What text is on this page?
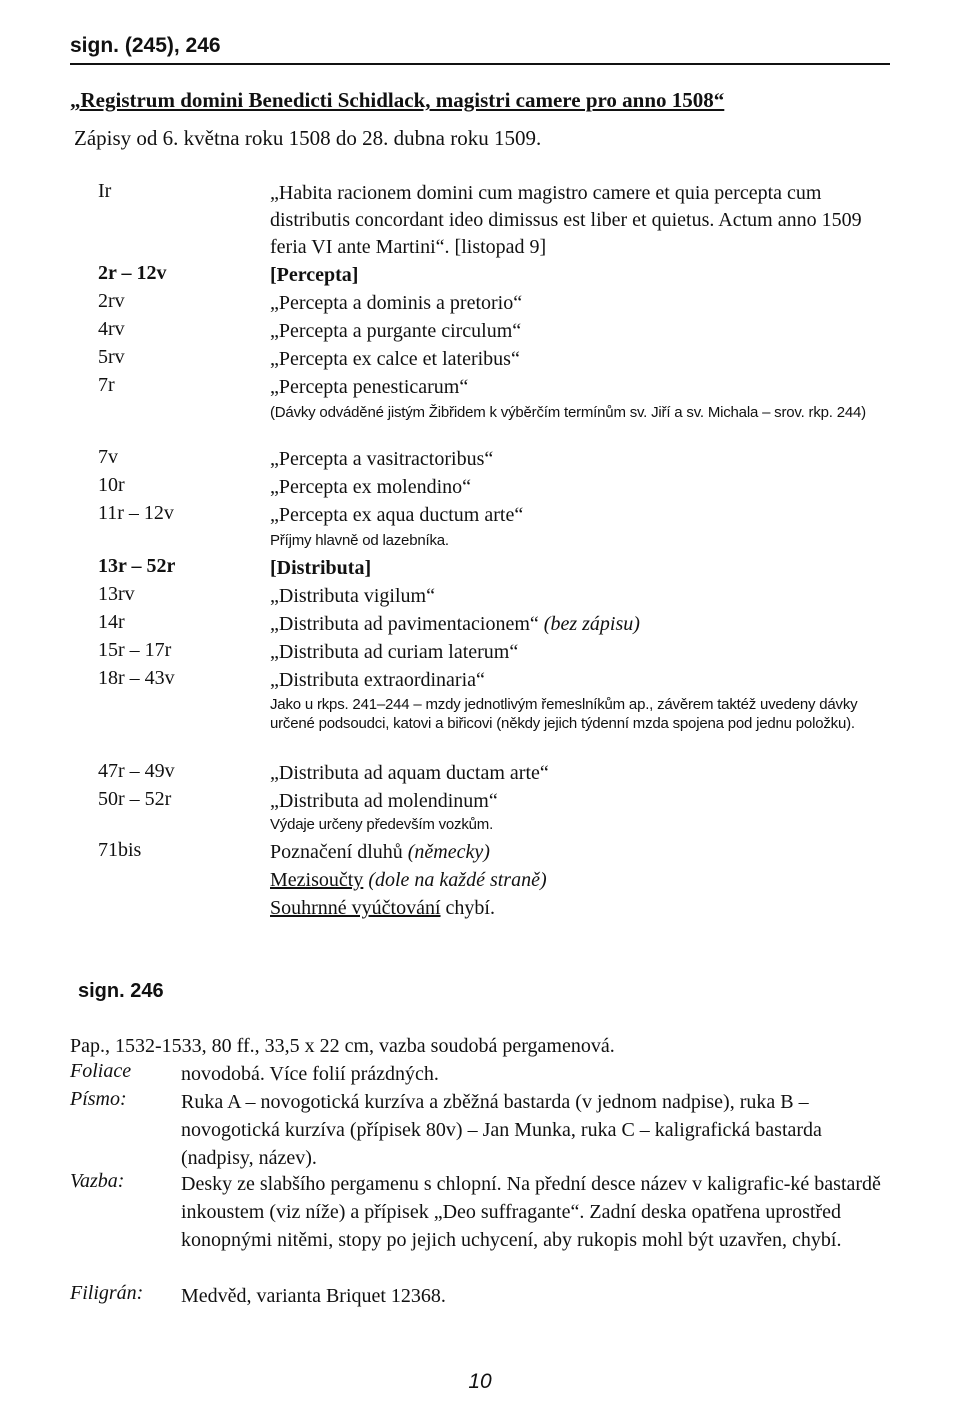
sign. (245), 246
„Registrum domini Benedicti Schidlack, magistri camere pro anno 1508“
Zápisy od 6. května roku 1508 do 28. dubna roku 1509.
Ir	„Habita racionem domini cum magistro camere et quia percepta cum distributis concordant ideo dimissus est liber et quietus. Actum anno 1509 feria VI ante Martini“. [listopad 9]
2r – 12v	[Percepta]
2rv	„Percepta a dominis a pretorio“
4rv	„Percepta a purgante circulum“
5rv	„Percepta ex calce et lateribus“
7r	„Percepta penesticarum“
(Dávky odváděné jistým Žibřidem k výběrčím termínům sv. Jiří a sv. Michala – srov. rkp. 244)
7v	„Percepta a vasitractoribus“
10r	„Percepta ex molendino“
11r – 12v	„Percepta ex aqua ductum arte“
Příjmy hlavně od lazebníka.
13r – 52r	[Distributa]
13rv	„Distributa vigilum“
14r	„Distributa ad pavimentacionem“ (bez zápisu)
15r – 17r	„Distributa ad curiam laterum“
18r – 43v	„Distributa extraordinaria“
Jako u rkps. 241–244 – mzdy jednotlivým řemeslníkům ap., závěrem taktéž uvedeny dávky určené podsoudci, katovi a biřicovi (někdy jejich týdenní mzda spojena pod jednu položku).
47r – 49v	„Distributa ad aquam ductam arte“
50r – 52r	„Distributa ad molendinum“
Výdaje určeny především vozkům.
71bis	Poznačení dluhů (německy)
Mezisoučty (dole na každé straně)
Souhrnné vyúčtování chybí.
sign. 246
Pap., 1532-1533, 80 ff., 33,5 x 22 cm, vazba soudobá pergamenová.
Foliace novodobá. Více folií prázdných.
Písmo:	Ruka A – novogotická kurzíva a zběžná bastarda (v jednom nadpise), ruka B – novogotická kurzíva (přípisek 80v) – Jan Munka, ruka C – kaligrafická bastarda (nadpisy, název).
Vazba:	Desky ze slabšího pergamenu s chlopní. Na přední desce název v kaligrafic-ké bastardě inkoustem (viz níže) a přípisek „Deo suffragante“. Zadní deska opatřena uprostřed konopnými nitěmi, stopy po jejich uchycení, aby rukopis mohl být uzavřen, chybí.
Filigrán: Medvěd, varianta Briquet 12368.
10
